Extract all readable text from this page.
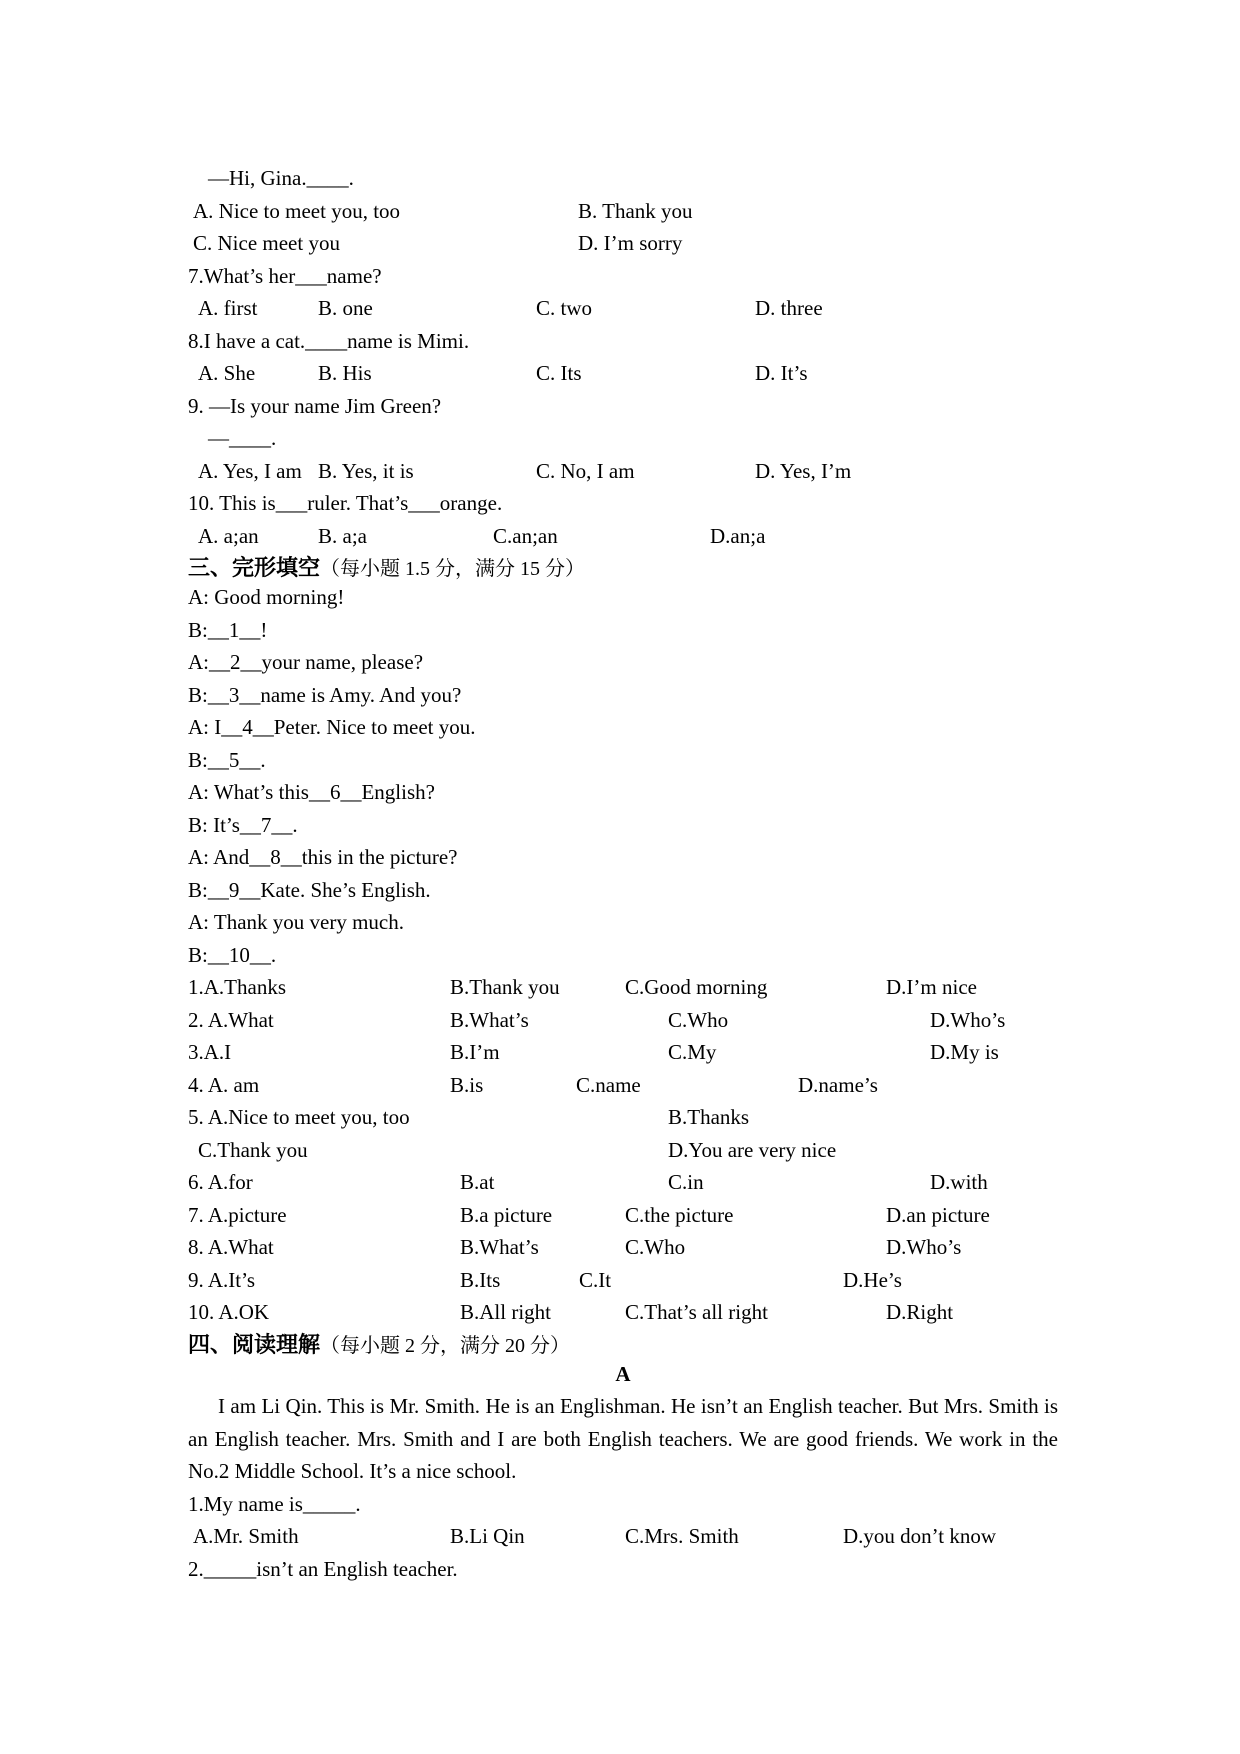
—Hi, Gina.____.
A. Nice to meet you, too	B. Thank you
C. Nice meet you	D. I’m sorry
7.What’s her___name?
A. first	B. one	C. two	D. three
8.I have a cat.____name is Mimi.
A. She	B. His	C. Its	D. It’s
9. —Is your name Jim Green?
—____.
A. Yes, I am B. Yes, it is	C. No, I am	D. Yes, I’m
10. This is___ruler. That’s___orange.
A. a;an	B. a;a	C.an;an	D.an;a
三、完形填空（每小题 1.5 分，满分 15 分）
A: Good morning!
B:__1__!
A:__2__your name, please?
B:__3__name is Amy. And you?
A: I__4__Peter. Nice to meet you.
B:__5__.
A: What’s this__6__English?
B: It’s__7__.
A: And__8__this in the picture?
B:__9__Kate. She’s English.
A: Thank you very much.
B:__10__.
1.A.Thanks	B.Thank you	C.Good morning	D.I’m nice
2. A.What	B.What’s	C.Who	D.Who’s
3.A.I	B.I’m	C.My	D.My is
4. A. am	B.is	C.name	D.name’s
5. A.Nice to meet you, too	B.Thanks
C.Thank you	D.You are very nice
6. A.for	B.at	C.in	D.with
7. A.picture	B.a picture	C.the picture	D.an picture
8. A.What	B.What’s	C.Who	D.Who’s
9. A.It’s	B.Its	C.It	D.He’s
10. A.OK	B.All right	C.That’s all right	D.Right
四、阅读理解（每小题 2 分，满分 20 分）
A
I am Li Qin. This is Mr. Smith. He is an Englishman. He isn’t an English teacher. But Mrs. Smith is an English teacher. Mrs. Smith and I are both English teachers. We are good friends. We work in the No.2 Middle School. It’s a nice school.
1.My name is_____.
A.Mr. Smith	B.Li Qin	C.Mrs. Smith	D.you don’t know
2._____isn’t an English teacher.
